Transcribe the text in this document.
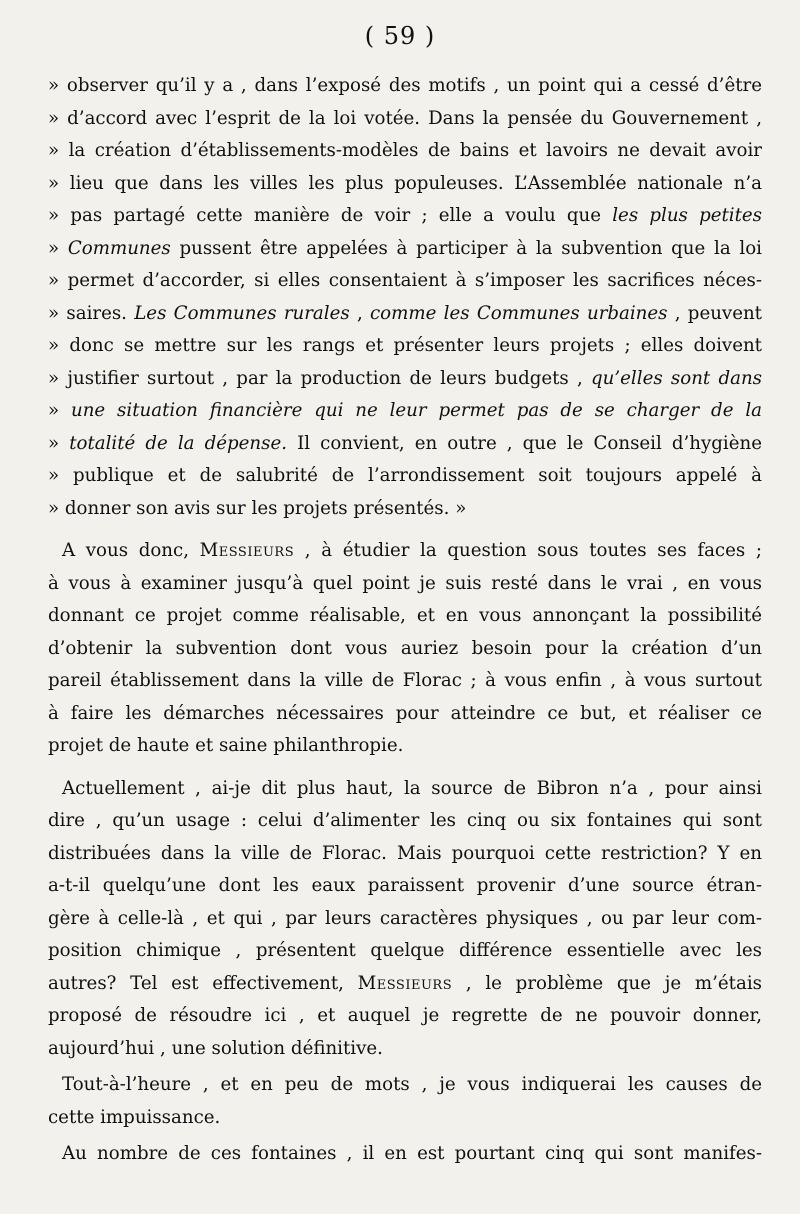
( 59 )
» observer qu’il y a , dans l’exposé des motifs , un point qui a cessé d’être
» d’accord avec l’esprit de la loi votée. Dans la pensée du Gouvernement ,
» la création d’établissements-modèles de bains et lavoirs ne devait avoir
» lieu que dans les villes les plus populeuses. L’Assemblée nationale n’a
» pas partagé cette manière de voir ; elle a voulu que les plus petites
» Communes pussent être appelées à participer à la subvention que la loi
» permet d’accorder, si elles consentaient à s’imposer les sacrifices néces-
» saires. Les Communes rurales , comme les Communes urbaines , peuvent
» donc se mettre sur les rangs et présenter leurs projets ; elles doivent
» justifier surtout , par la production de leurs budgets , qu’elles sont dans
» une situation financière qui ne leur permet pas de se charger de la
» totalité de la dépense. Il convient, en outre , que le Conseil d’hygiène
» publique et de salubrité de l’arrondissement soit toujours appelé à
» donner son avis sur les projets présentés. »
A vous donc, Messieurs , à étudier la question sous toutes ses faces ;
à vous à examiner jusqu’à quel point je suis resté dans le vrai , en vous
donnant ce projet comme réalisable, et en vous annonçant la possibilité
d’obtenir la subvention dont vous auriez besoin pour la création d’un
pareil établissement dans la ville de Florac ; à vous enfin , à vous surtout
à faire les démarches nécessaires pour atteindre ce but, et réaliser ce
projet de haute et saine philanthropie.
Actuellement , ai-je dit plus haut, la source de Bibron n’a , pour ainsi
dire , qu’un usage : celui d’alimenter les cinq ou six fontaines qui sont
distribuées dans la ville de Florac. Mais pourquoi cette restriction? Y en
a-t-il quelqu’une dont les eaux paraissent provenir d’une source étran-
gère à celle-là , et qui , par leurs caractères physiques , ou par leur com-
position chimique , présentent quelque différence essentielle avec les
autres? Tel est effectivement, Messieurs , le problème que je m’étais
proposé de résoudre ici , et auquel je regrette de ne pouvoir donner,
aujourd’hui , une solution définitive.
Tout-à-l’heure , et en peu de mots , je vous indiquerai les causes de
cette impuissance.
Au nombre de ces fontaines , il en est pourtant cinq qui sont manifes-
